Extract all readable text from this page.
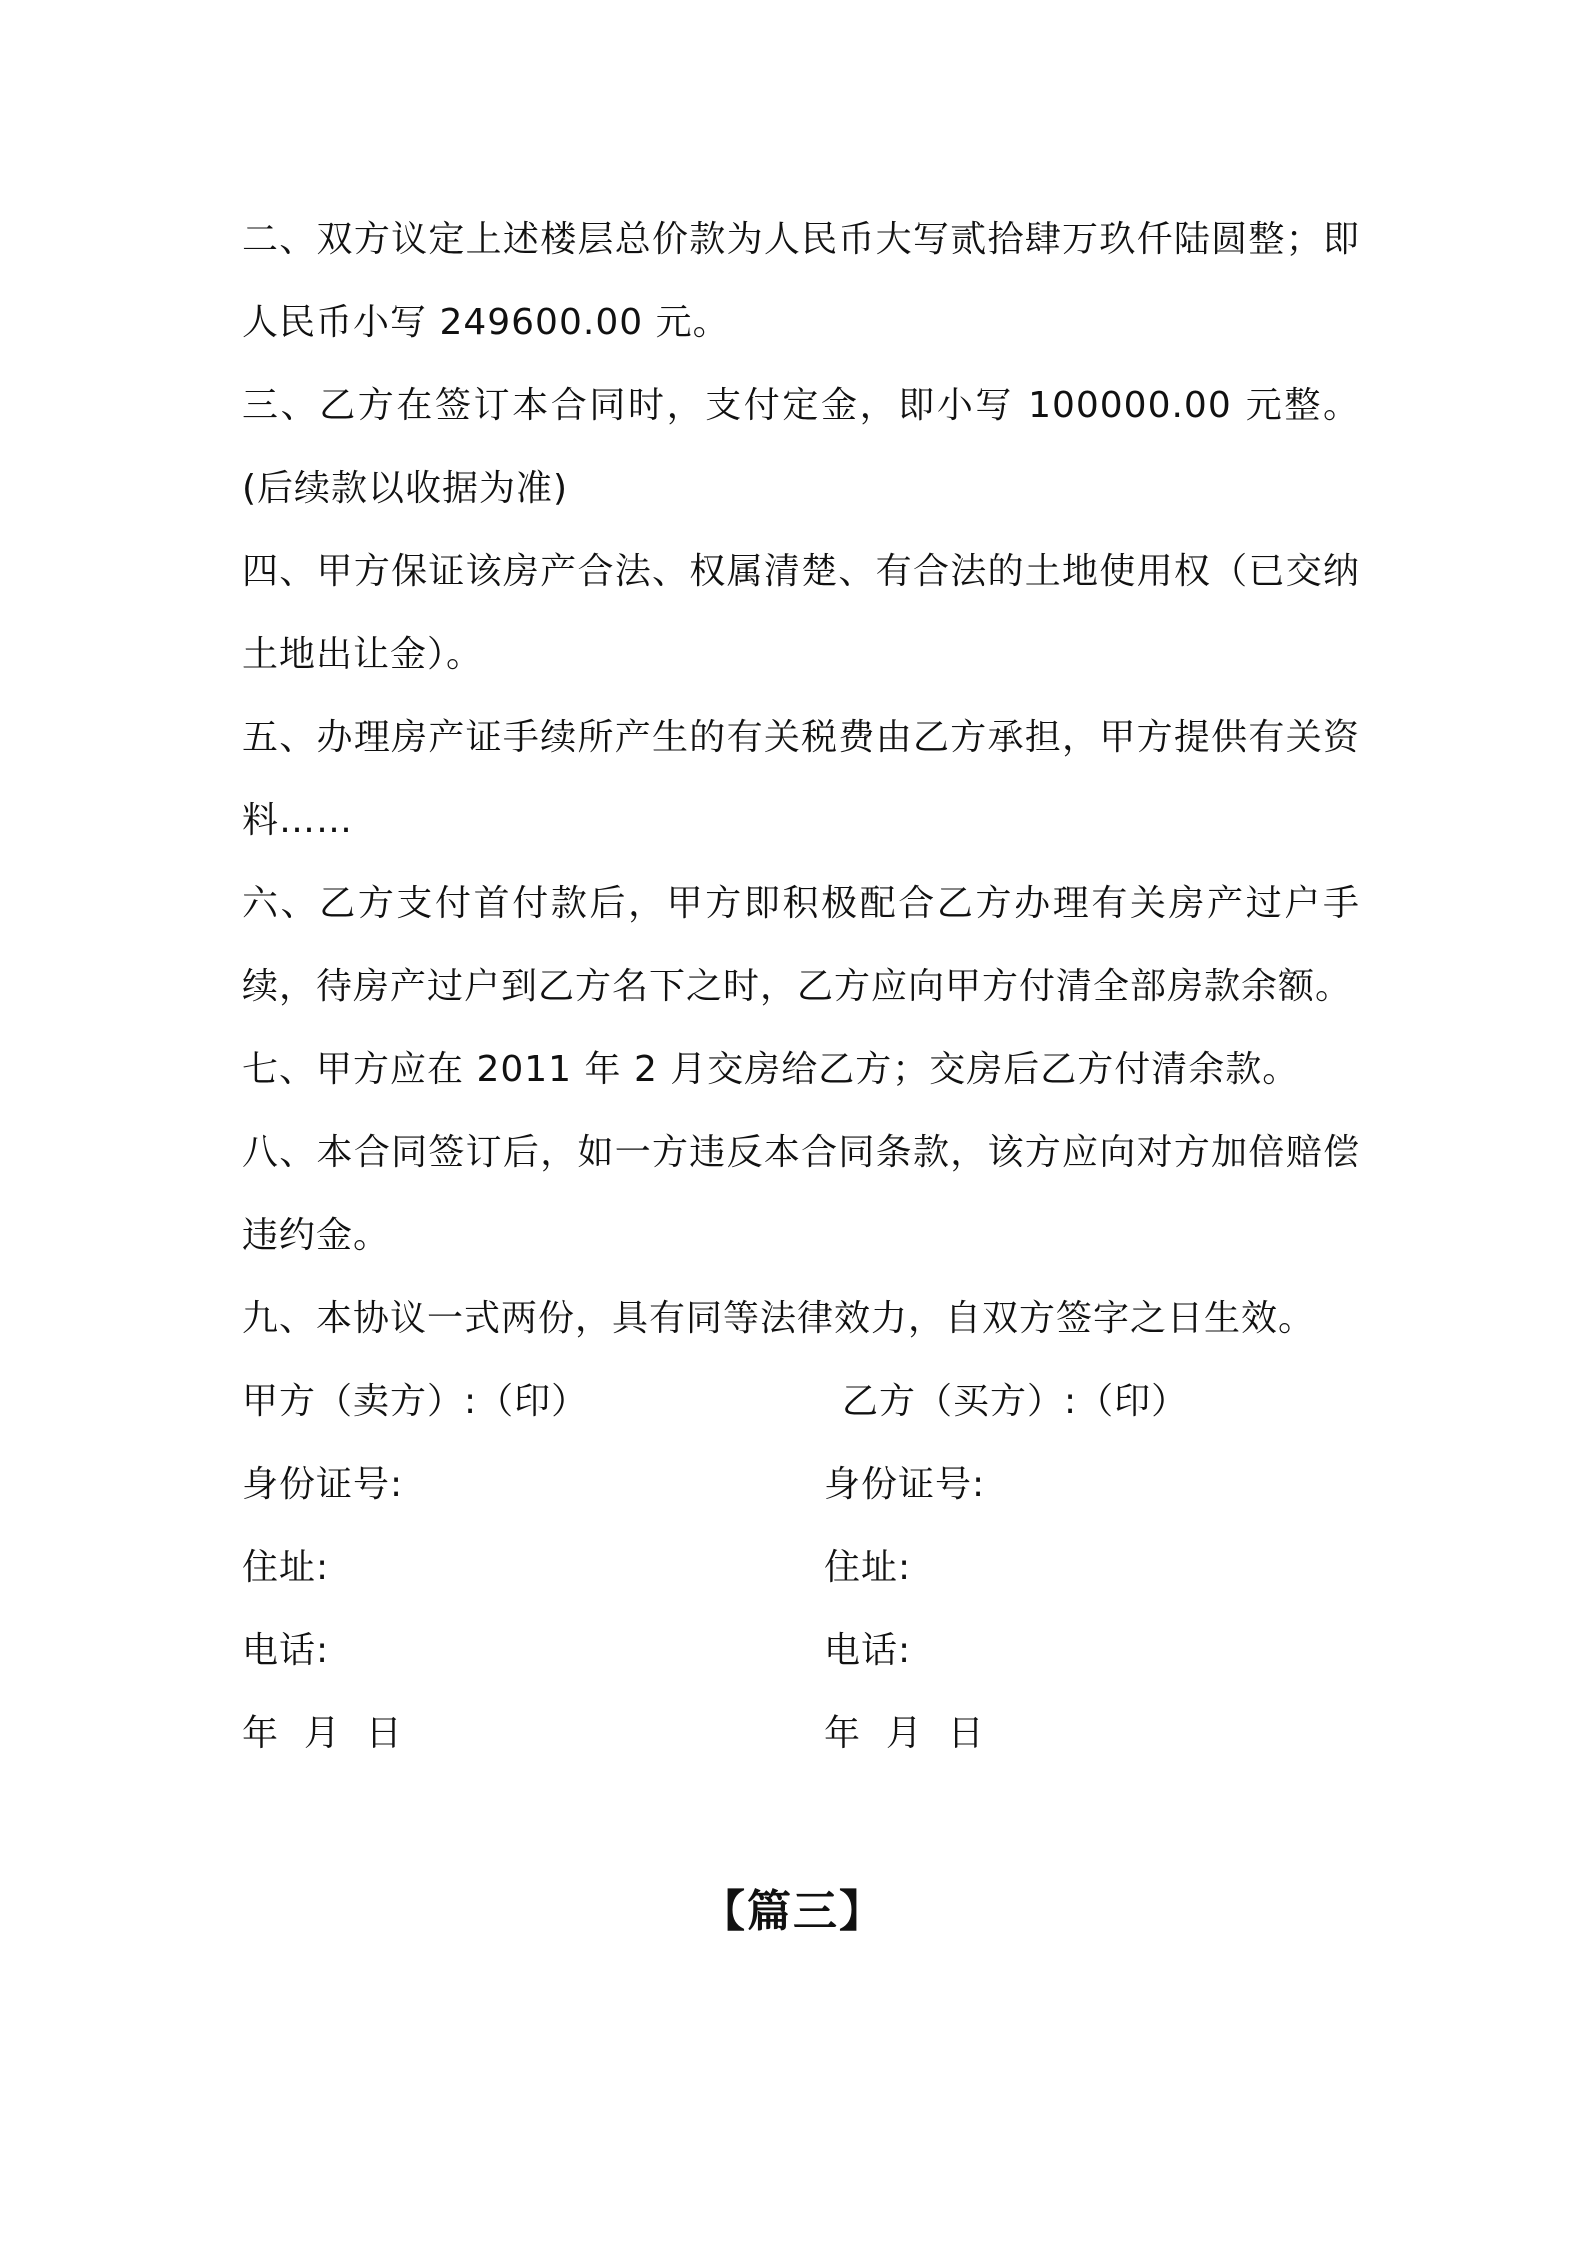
二、双方议定上述楼层总价款为人民币大写贰拾肆万玖仟陆圆整；即人民币小写 249600.00 元。

三、乙方在签订本合同时，支付定金，即小写 100000.00 元整。(后续款以收据为准)

四、甲方保证该房产合法、权属清楚、有合法的土地使用权（已交纳土地出让金）。

五、办理房产证手续所产生的有关税费由乙方承担，甲方提供有关资料……

六、乙方支付首付款后，甲方即积极配合乙方办理有关房产过户手续，待房产过户到乙方名下之时，乙方应向甲方付清全部房款余额。

七、甲方应在 2011 年 2 月交房给乙方；交房后乙方付清余款。

八、本合同签订后，如一方违反本合同条款，该方应向对方加倍赔偿违约金。

九、本协议一式两份，具有同等法律效力，自双方签字之日生效。

甲方（卖方）:（印）	乙方（买方）:（印）
身份证号:	身份证号:
住址:	住址:
电话:	电话:
年  月  日	年  月  日
【篇三】
